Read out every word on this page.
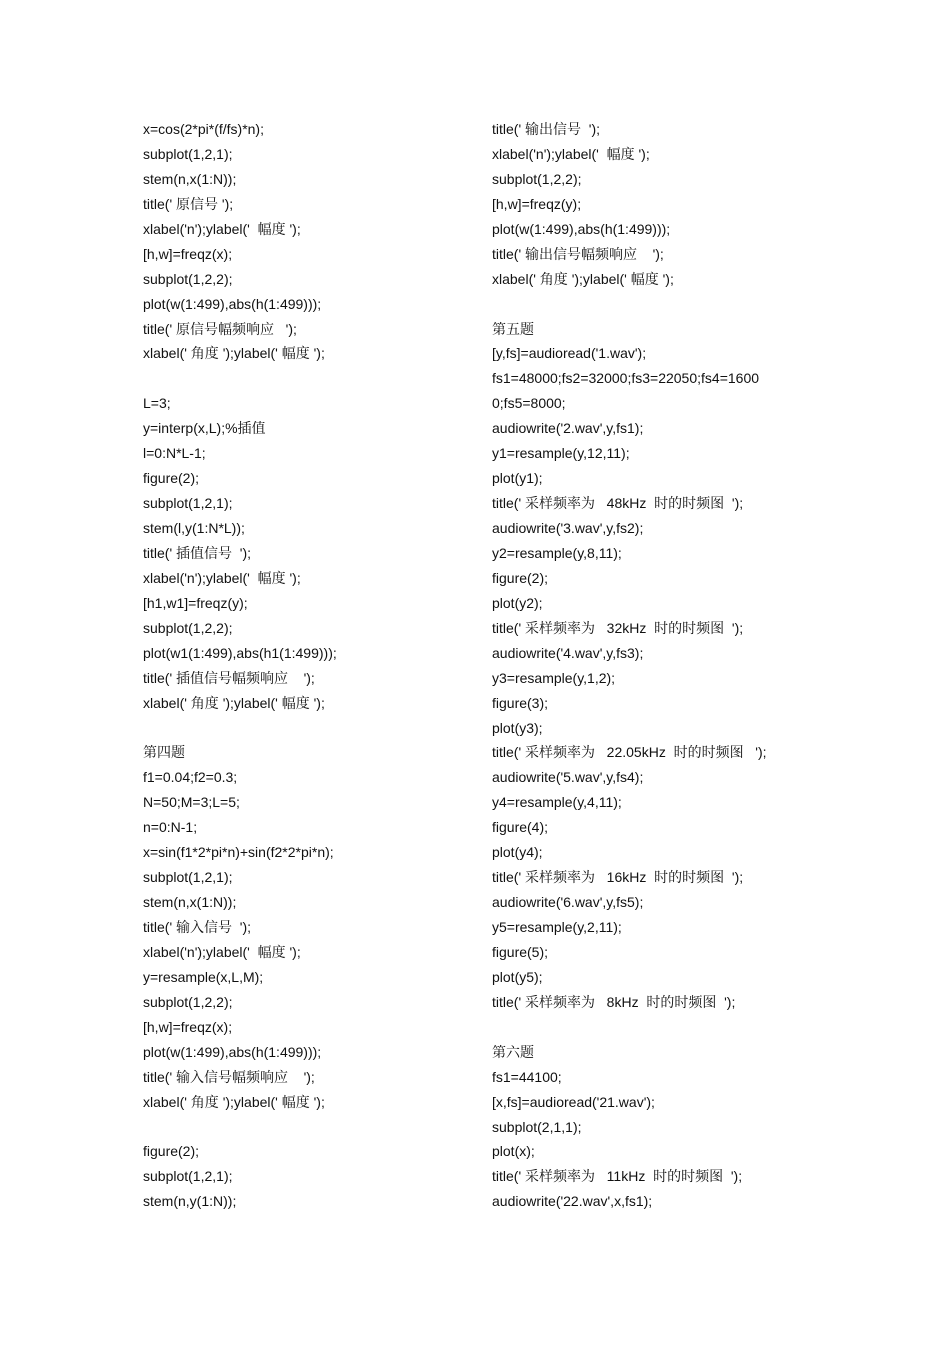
x=cos(2*pi*(f/fs)*n);
subplot(1,2,1);
stem(n,x(1:N));
title(' 原信号 ');
xlabel('n');ylabel('  幅度 ');
[h,w]=freqz(x);
subplot(1,2,2);
plot(w(1:499),abs(h(1:499)));
title(' 原信号幅频响应   ');
xlabel(' 角度 ');ylabel(' 幅度 ');
L=3;
y=interp(x,L);%插值
l=0:N*L-1;
figure(2);
subplot(1,2,1);
stem(l,y(1:N*L));
title(' 插值信号  ');
xlabel('n');ylabel('  幅度 ');
[h1,w1]=freqz(y);
subplot(1,2,2);
plot(w1(1:499),abs(h1(1:499)));
title(' 插值信号幅频响应    ');
xlabel(' 角度 ');ylabel(' 幅度 ');
第四题
f1=0.04;f2=0.3;
N=50;M=3;L=5;
n=0:N-1;
x=sin(f1*2*pi*n)+sin(f2*2*pi*n);
subplot(1,2,1);
stem(n,x(1:N));
title(' 输入信号  ');
xlabel('n');ylabel('  幅度 ');
y=resample(x,L,M);
subplot(1,2,2);
[h,w]=freqz(x);
plot(w(1:499),abs(h(1:499)));
title(' 输入信号幅频响应    ');
xlabel(' 角度 ');ylabel(' 幅度 ');
figure(2);
subplot(1,2,1);
stem(n,y(1:N));
title(' 输出信号  ');
xlabel('n');ylabel('  幅度 ');
subplot(1,2,2);
[h,w]=freqz(y);
plot(w(1:499),abs(h(1:499)));
title(' 输出信号幅频响应    ');
xlabel(' 角度 ');ylabel(' 幅度 ');
第五题
[y,fs]=audioread('1.wav');
fs1=48000;fs2=32000;fs3=22050;fs4=1600
0;fs5=8000;
audiowrite('2.wav',y,fs1);
y1=resample(y,12,11);
plot(y1);
title(' 采样频率为   48kHz  时的时频图  ');
audiowrite('3.wav',y,fs2);
y2=resample(y,8,11);
figure(2);
plot(y2);
title(' 采样频率为   32kHz  时的时频图  ');
audiowrite('4.wav',y,fs3);
y3=resample(y,1,2);
figure(3);
plot(y3);
title(' 采样频率为   22.05kHz  时的时频图   ');
audiowrite('5.wav',y,fs4);
y4=resample(y,4,11);
figure(4);
plot(y4);
title(' 采样频率为   16kHz  时的时频图  ');
audiowrite('6.wav',y,fs5);
y5=resample(y,2,11);
figure(5);
plot(y5);
title(' 采样频率为   8kHz  时的时频图  ');
第六题
fs1=44100;
[x,fs]=audioread('21.wav');
subplot(2,1,1);
plot(x);
title(' 采样频率为   11kHz  时的时频图  ');
audiowrite('22.wav',x,fs1);
